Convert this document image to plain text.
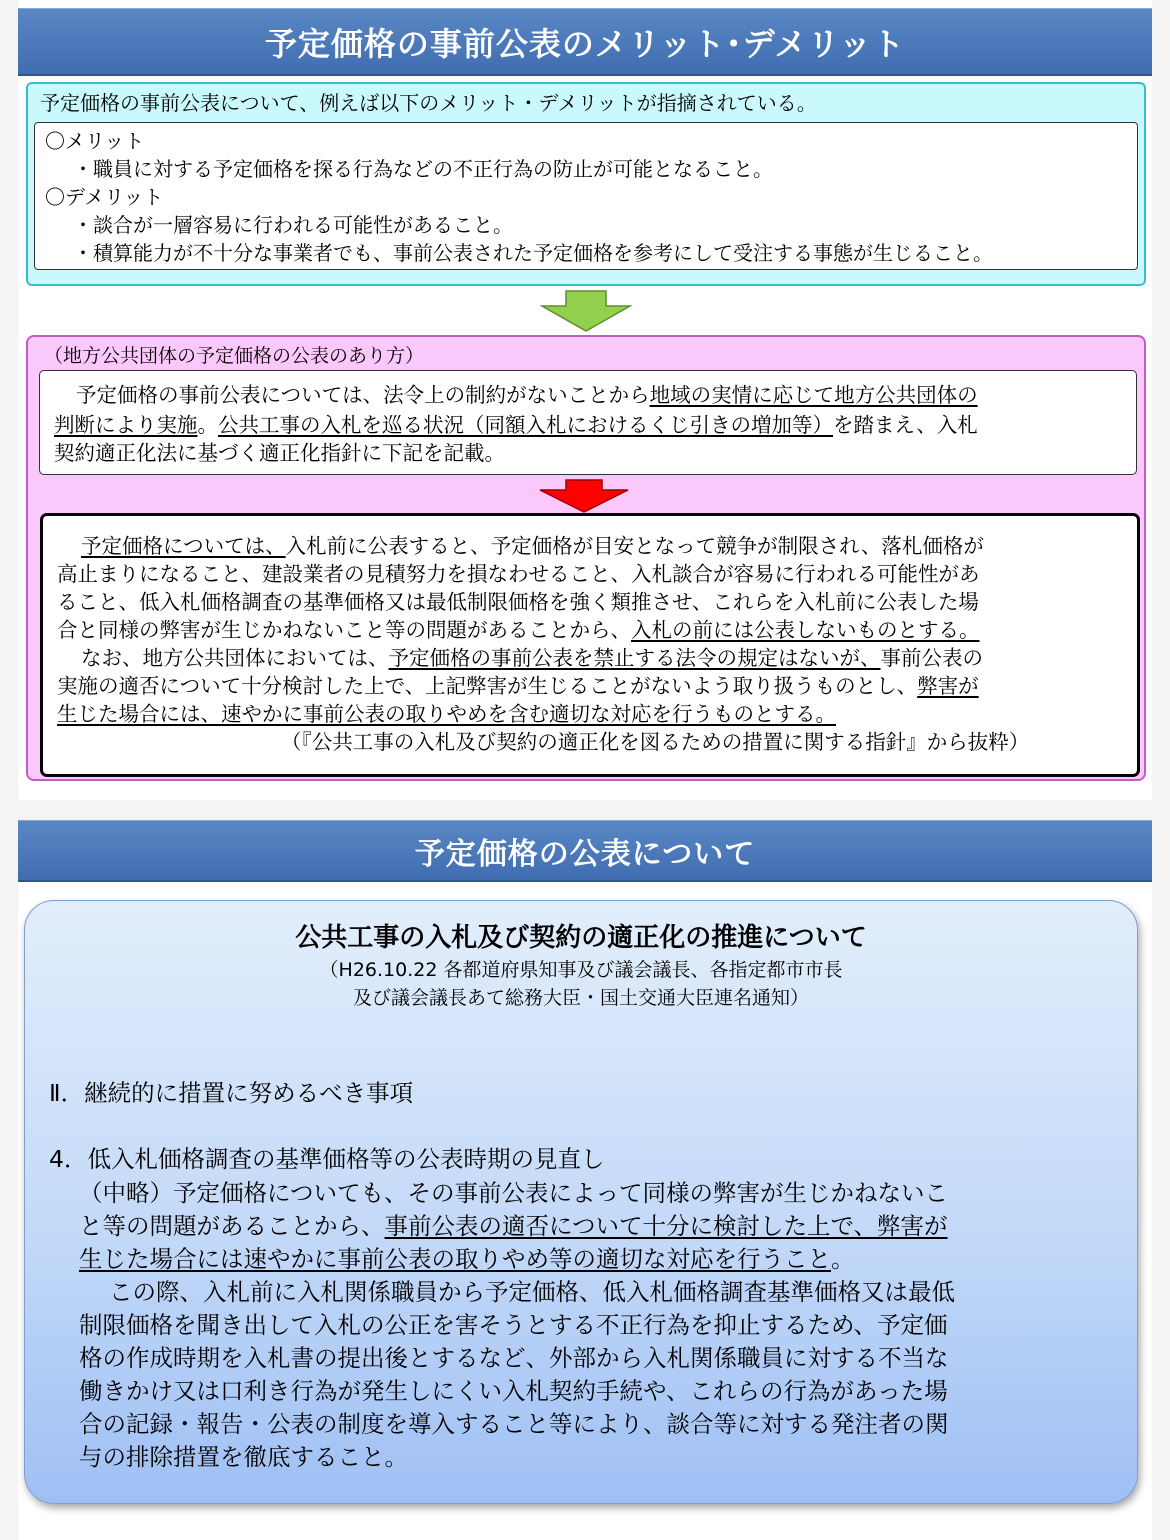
予定価格の事前公表のメリット･デメリット
予定価格の事前公表について、例えば以下のメリット・デメリットが指摘されている。

〇メリット

・職員に対する予定価格を探る行為などの不正行為の防止が可能となること。

〇デメリット

・談合が一層容易に行われる可能性があること。

・積算能力が不十分な事業者でも、事前公表された予定価格を参考にして受注する事態が生じること。

（地方公共団体の予定価格の公表のあり方）

予定価格の事前公表については、法令上の制約がないことから地域の実情に応じて地方公共団体の

判断により実施。公共工事の入札を巡る状況（同額入札におけるくじ引きの増加等）を踏まえ、入札

契約適正化法に基づく適正化指針に下記を記載。

予定価格については、入札前に公表すると、予定価格が目安となって競争が制限され、落札価格が

高止まりになること、建設業者の見積努力を損なわせること、入札談合が容易に行われる可能性があ

ること、低入札価格調査の基準価格又は最低制限価格を強く類推させ、これらを入札前に公表した場

合と同様の弊害が生じかねないこと等の問題があることから、入札の前には公表しないものとする。

なお、地方公共団体においては、予定価格の事前公表を禁止する法令の規定はないが、事前公表の

実施の適否について十分検討した上で、上記弊害が生じることがないよう取り扱うものとし、弊害が

生じた場合には、速やかに事前公表の取りやめを含む適切な対応を行うものとする。

（『公共工事の入札及び契約の適正化を図るための措置に関する指針』から抜粋）

予定価格の公表について
公共工事の入札及び契約の適正化の推進について
（H26.10.22 各都道府県知事及び議会議長、各指定都市市長
及び議会議長あて総務大臣・国土交通大臣連名通知）
Ⅱ．継続的に措置に努めるべき事項
4．低入札価格調査の基準価格等の公表時期の見直し
（中略）予定価格についても、その事前公表によって同様の弊害が生じかねないこ
と等の問題があることから、事前公表の適否について十分に検討した上で、弊害が
生じた場合には速やかに事前公表の取りやめ等の適切な対応を行うこと。
この際、入札前に入札関係職員から予定価格、低入札価格調査基準価格又は最低
制限価格を聞き出して入札の公正を害そうとする不正行為を抑止するため、予定価
格の作成時期を入札書の提出後とするなど、外部から入札関係職員に対する不当な
働きかけ又は口利き行為が発生しにくい入札契約手続や、これらの行為があった場
合の記録・報告・公表の制度を導入すること等により、談合等に対する発注者の関
与の排除措置を徹底すること。
